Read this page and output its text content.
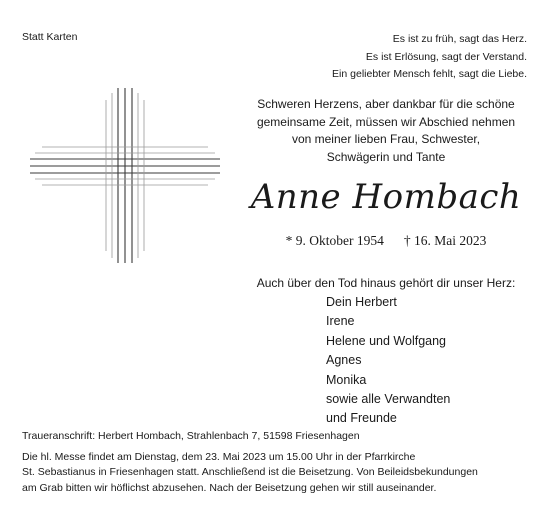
Statt Karten	Es ist zu früh, sagt das Herz.
Es ist Erlösung, sagt der Verstand.
Ein geliebter Mensch fehlt, sagt die Liebe.
Schweren Herzens, aber dankbar für die schöne
gemeinsame Zeit, müssen wir Abschied nehmen
von meiner lieben Frau, Schwester,
Schwägerin und Tante
Anne Hombach
* 9. Oktober 1954 † 16. Mai 2023
Auch über den Tod hinaus gehört dir unser Herz:
Dein Herbert
Irene
Helene und Wolfgang
Agnes
Monika
sowie alle Verwandten
und Freunde
Traueranschrift: Herbert Hombach, Strahlenbach 7, 51598 Friesenhagen
Die hl. Messe findet am Dienstag, dem 23. Mai 2023 um 15.00 Uhr in der Pfarrkirche
St. Sebastianus in Friesenhagen statt. Anschließend ist die Beisetzung. Von Beileidsbekundungen
am Grab bitten wir höflichst abzusehen. Nach der Beisetzung gehen wir still auseinander.
